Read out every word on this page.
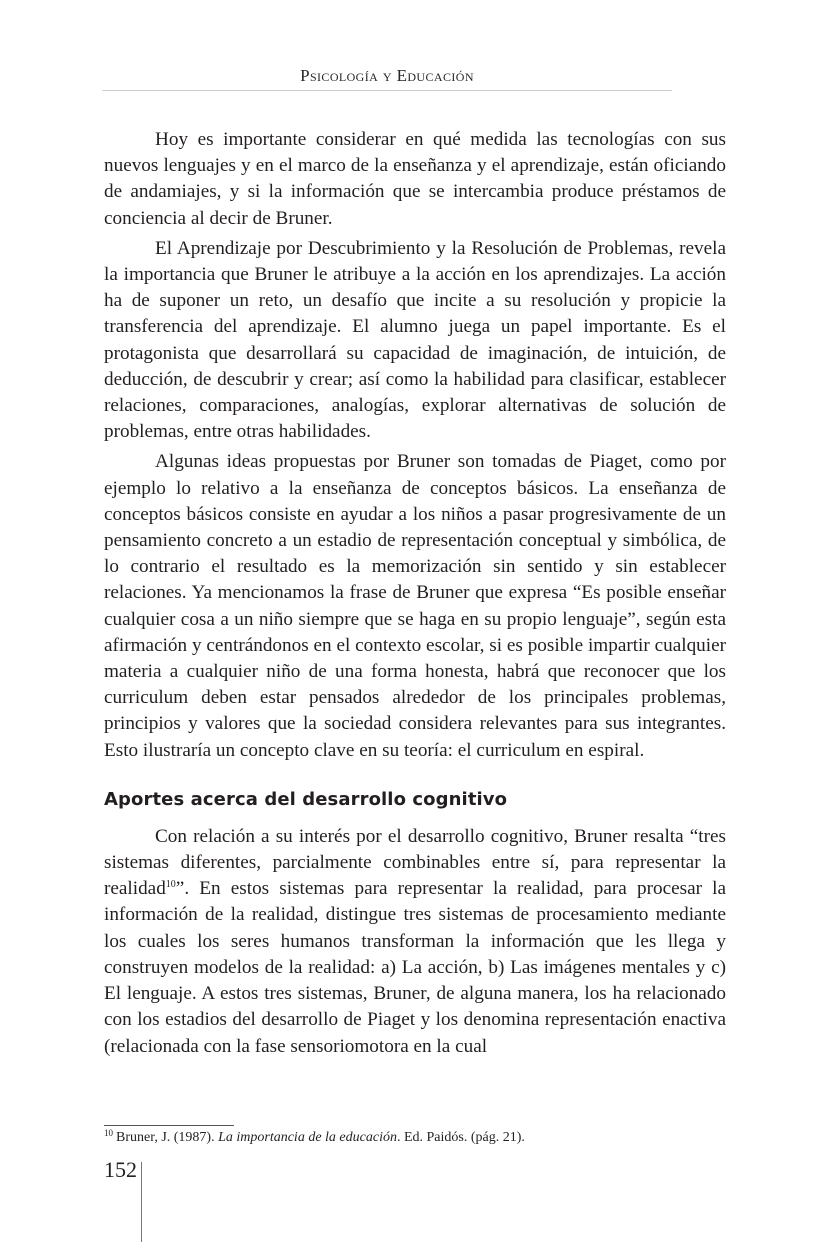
Psicología y Educación

Hoy es importante considerar en qué medida las tecnologías con sus nuevos lenguajes y en el marco de la enseñanza y el aprendizaje, están oficiando de andamiajes, y si la información que se intercambia produce préstamos de conciencia al decir de Bruner.

El Aprendizaje por Descubrimiento y la Resolución de Problemas, revela la importancia que Bruner le atribuye a la acción en los aprendizajes. La acción ha de suponer un reto, un desafío que incite a su resolución y propicie la transferencia del aprendizaje. El alumno juega un papel importante. Es el protagonista que desarrollará su capacidad de imaginación, de intuición, de deducción, de descubrir y crear; así como la habilidad para clasificar, establecer relaciones, comparaciones, analogías, explorar alternativas de solución de problemas, entre otras habilidades.

Algunas ideas propuestas por Bruner son tomadas de Piaget, como por ejemplo lo relativo a la enseñanza de conceptos básicos. La enseñanza de conceptos básicos consiste en ayudar a los niños a pasar progresivamente de un pensamiento concreto a un estadio de representación conceptual y simbólica, de lo contrario el resultado es la memorización sin sentido y sin establecer relaciones. Ya mencionamos la frase de Bruner que expresa “Es posible enseñar cualquier cosa a un niño siempre que se haga en su propio lenguaje”, según esta afirmación y centrándonos en el contexto escolar, si es posible impartir cualquier materia a cualquier niño de una forma honesta, habrá que reconocer que los curriculum deben estar pensados alrededor de los principales problemas, principios y valores que la sociedad considera relevantes para sus integrantes. Esto ilustraría un concepto clave en su teoría: el curriculum en espiral.

Aportes acerca del desarrollo cognitivo

Con relación a su interés por el desarrollo cognitivo, Bruner resalta “tres sistemas diferentes, parcialmente combinables entre sí, para representar la realidad$^{10}$”. En estos sistemas para representar la realidad, para procesar la información de la realidad, distingue tres sistemas de procesamiento mediante los cuales los seres humanos transforman la información que les llega y construyen modelos de la realidad: a) La acción, b) Las imágenes mentales y c) El lenguaje. A estos tres sistemas, Bruner, de alguna manera, los ha relacionado con los estadios del desarrollo de Piaget y los denomina representación enactiva (relacionada con la fase sensoriomotora en la cual

$^{10}$ Bruner, J. (1987). La importancia de la educación. Ed. Paidós. (pág. 21).
152
